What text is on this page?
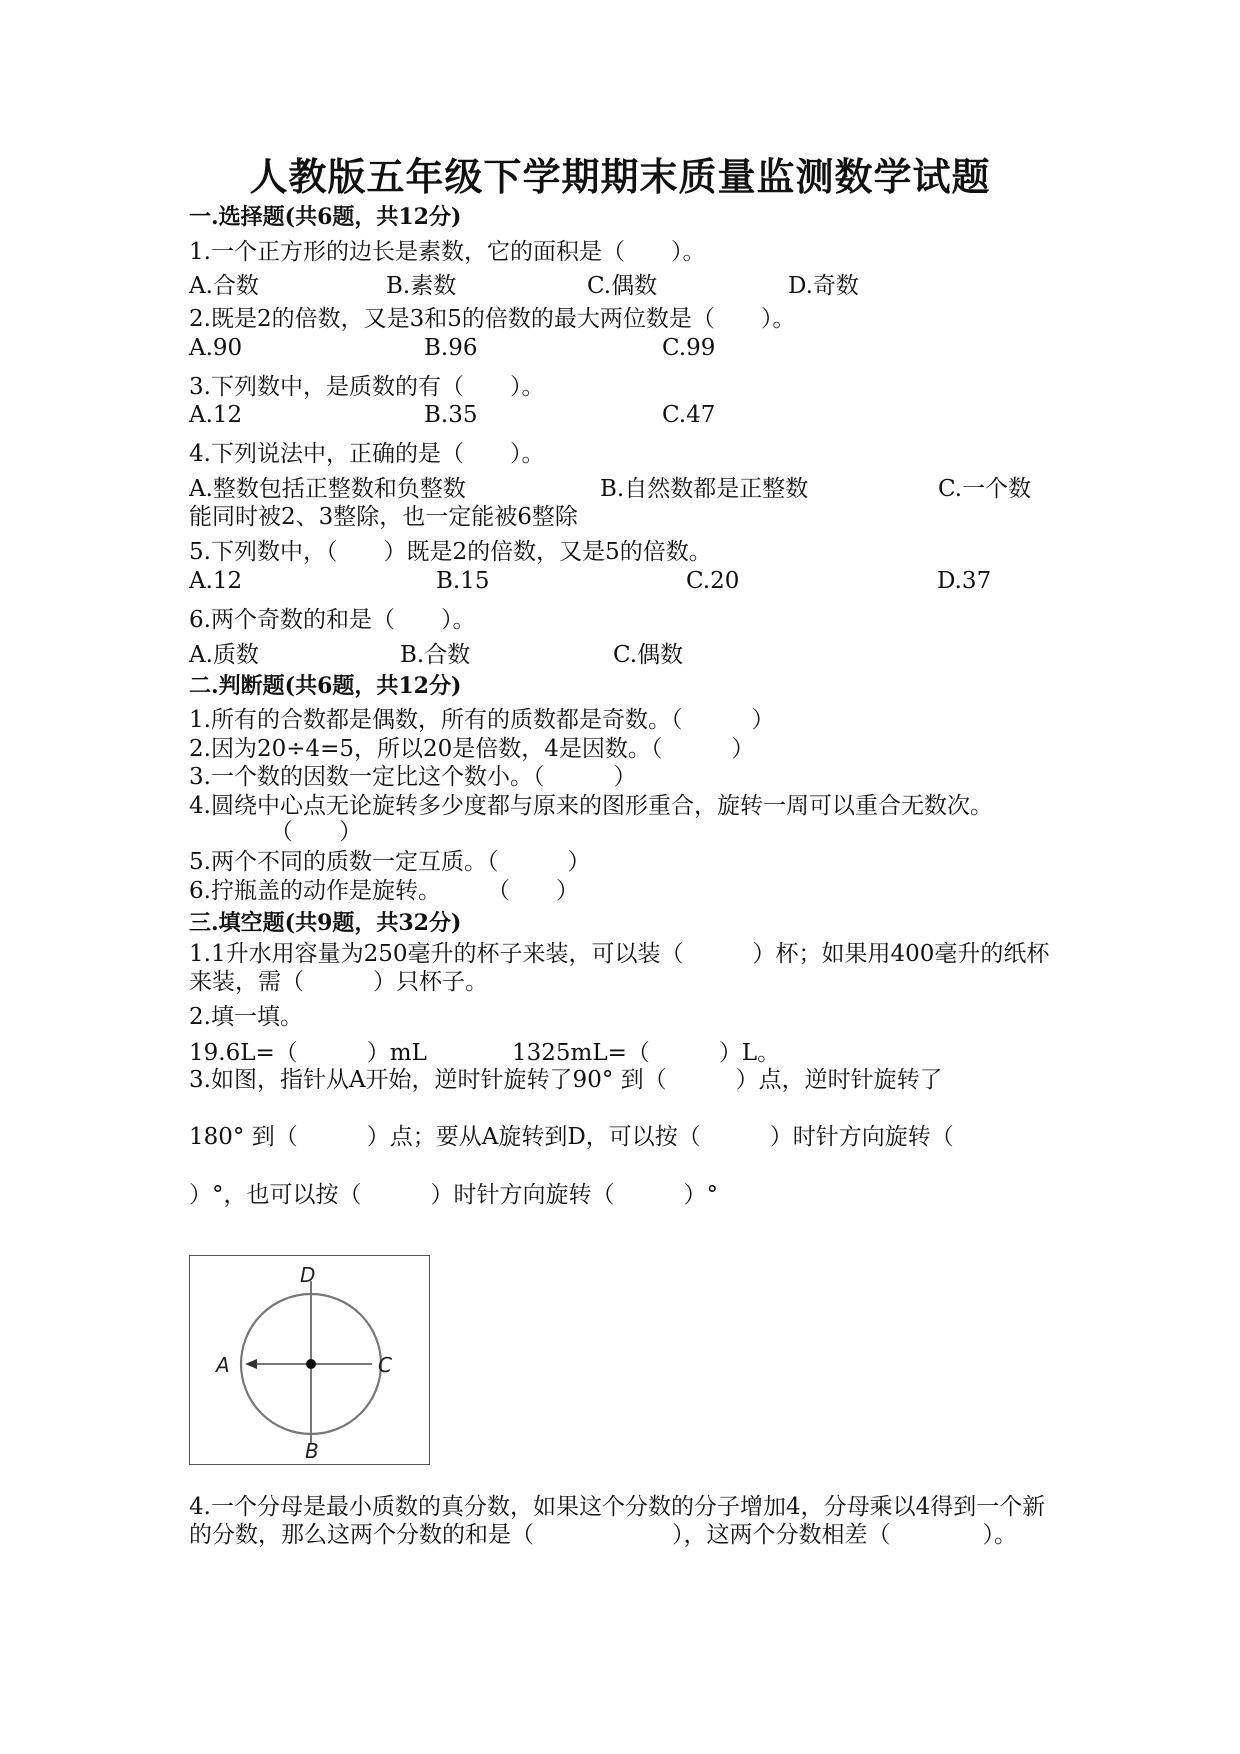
人教版五年级下学期期末质量监测数学试题

一.选择题(共6题，共12分)

1.一个正方形的边长是素数，它的面积是（　　）。

A.合数	B.素数	C.偶数	D.奇数

2.既是2的倍数，又是3和5的倍数的最大两位数是（　　）。

A.90	B.96	C.99

3.下列数中，是质数的有（　　）。

A.12	B.35	C.47

4.下列说法中，正确的是（　　）。

A.整数包括正整数和负整数	B.自然数都是正整数	C.一个数

能同时被2、3整除，也一定能被6整除

5.下列数中，（　　）既是2的倍数，又是5的倍数。

A.12	B.15	C.20	D.37

6.两个奇数的和是（　　）。

A.质数	B.合数	C.偶数

二.判断题(共6题，共12分)

1.所有的合数都是偶数，所有的质数都是奇数。（　　　）

2.因为20÷4=5，所以20是倍数，4是因数。（　　　）

3.一个数的因数一定比这个数小。（　　　）

4.圆绕中心点无论旋转多少度都与原来的图形重合，旋转一周可以重合无数次。

（　　）

5.两个不同的质数一定互质。（　　　）

6.拧瓶盖的动作是旋转。　　　（　　）

三.填空题(共9题，共32分)

1.1升水用容量为250毫升的杯子来装，可以装（　　　）杯；如果用400毫升的纸杯来装，需（　　　）只杯子。

2.填一填。

19.6L=（　　　）mL	1325mL=（　　　）L。

3.如图，指针从A开始，逆时针旋转了90° 到（　　　）点，逆时针旋转了

180° 到（　　　）点；要从A旋转到D，可以按（　　　）时针方向旋转（

）°，也可以按（　　　）时针方向旋转（　　　）°

D
A	C
B

4.一个分母是最小质数的真分数，如果这个分数的分子增加4，分母乘以4得到一个新的分数，那么这两个分数的和是（　　　　　　），这两个分数相差（　　　　）。
